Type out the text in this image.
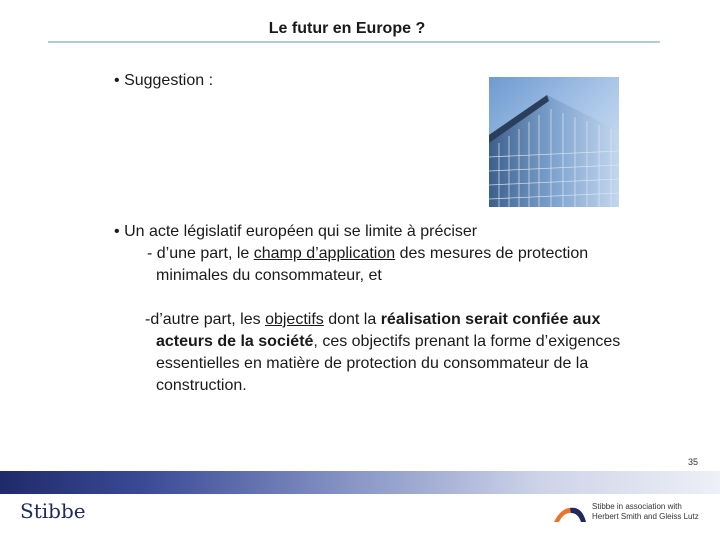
Le futur en Europe ?
• Suggestion :
• Un acte législatif européen qui se limite à préciser
- d’une part, le champ d’application des mesures de protection
minimales du consommateur, et
-d’autre part, les objectifs dont la réalisation serait confiée aux
acteurs de la société, ces objectifs prenant la forme d’exigences
essentielles en matière de protection du consommateur de la
construction.
35
Stibbe	Stibbe in association with
Herbert Smith and Gleiss Lutz
